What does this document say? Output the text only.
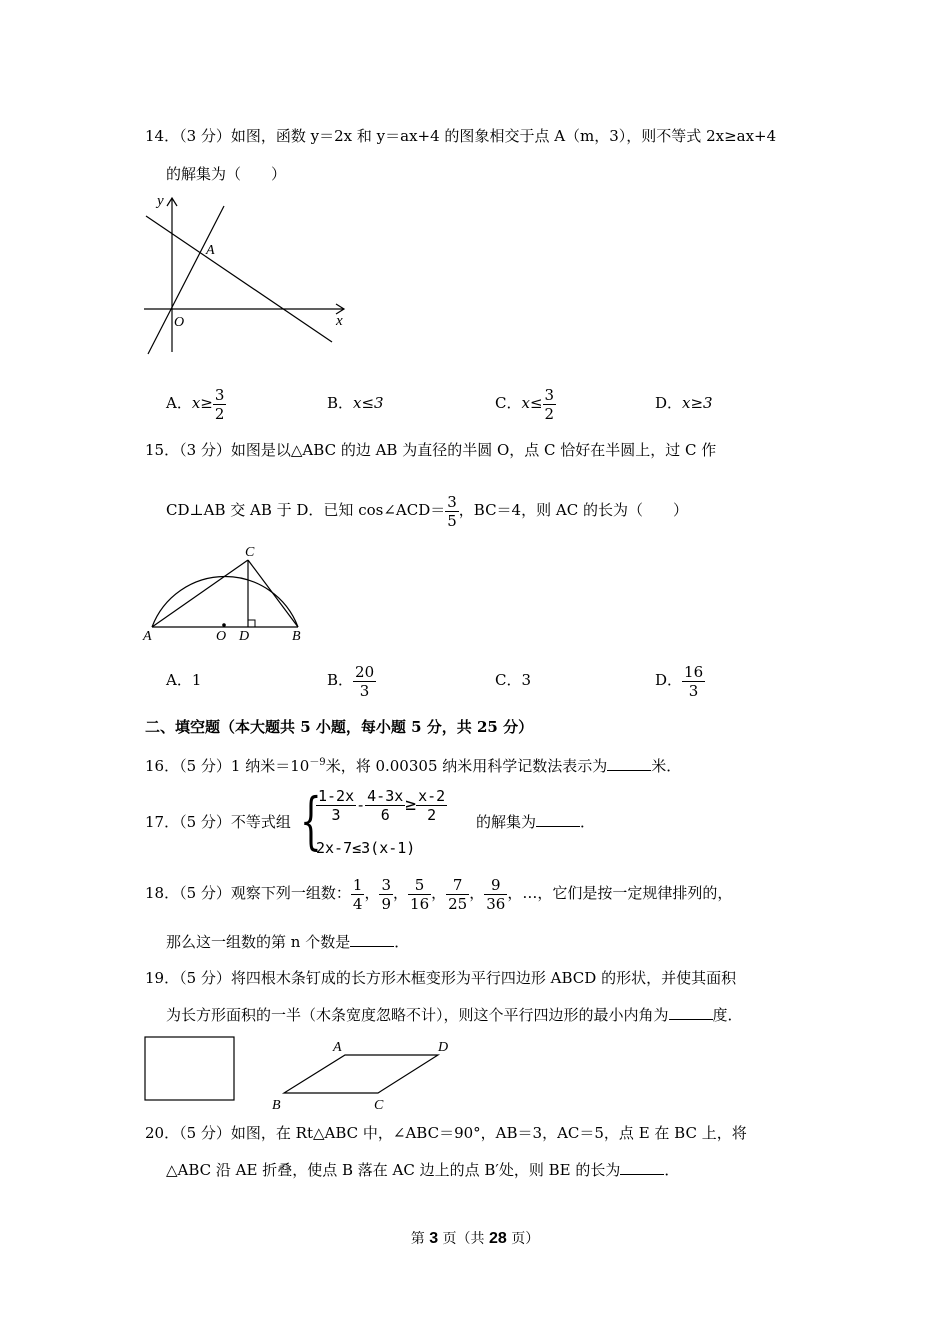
14．（3 分）如图，函数 y＝2x 和 y＝ax+4 的图象相交于点 A（m，3），则不等式 2x≥ax+4
的解集为（　　）
y
x
A
O
A．$x\ge \frac{3}{2}$	B．x≤3	C．$x\le \frac{3}{2}$	D．x≥3
15．（3 分）如图是以△ABC 的边 AB 为直径的半圆 O，点 C 恰好在半圆上，过 C 作
CD⊥AB 交 AB 于 D．已知 cos∠ACD＝ $\frac{3}{5}$ ，BC＝4，则 AC 的长为（　　）
C
A	O D	B
A．1	B． $\frac{20}{3}$	C．3	D． $\frac{16}{3}$
二、填空题（本大题共 5 小题，每小题 5 分，共 25 分）
16．（5 分）1 纳米$=10^{-9}$米，将 0.00305 纳米用科学记数法表示为	米．
17．（5 分）不等式组 {
$\frac{1-2x}{3} - \frac{4-3x}{6} \ge \frac{x-2}{2}$
2x-7≤3(x-1)
的解集为	．
18．（5 分）观察下列一组数： $\frac{1}{4}$ ， $\frac{3}{9}$ ， $\frac{5}{16}$ ， $\frac{7}{25}$ ， $\frac{9}{36}$ ，…，它们是按一定规律排列的，
那么这一组数的第 n 个数是	．
19．（5 分）将四根木条钉成的长方形木框变形为平行四边形 ABCD 的形状，并使其面积
为长方形面积的一半（木条宽度忽略不计），则这个平行四边形的最小内角为	度．
A	D
B	C
20．（5 分）如图，在 Rt△ABC 中，∠ABC＝90°，AB＝3，AC＝5，点 E 在 BC 上，将
△ABC 沿 AE 折叠，使点 B 落在 AC 边上的点 B′处，则 BE 的长为	．
第 3 页（共 28 页）
